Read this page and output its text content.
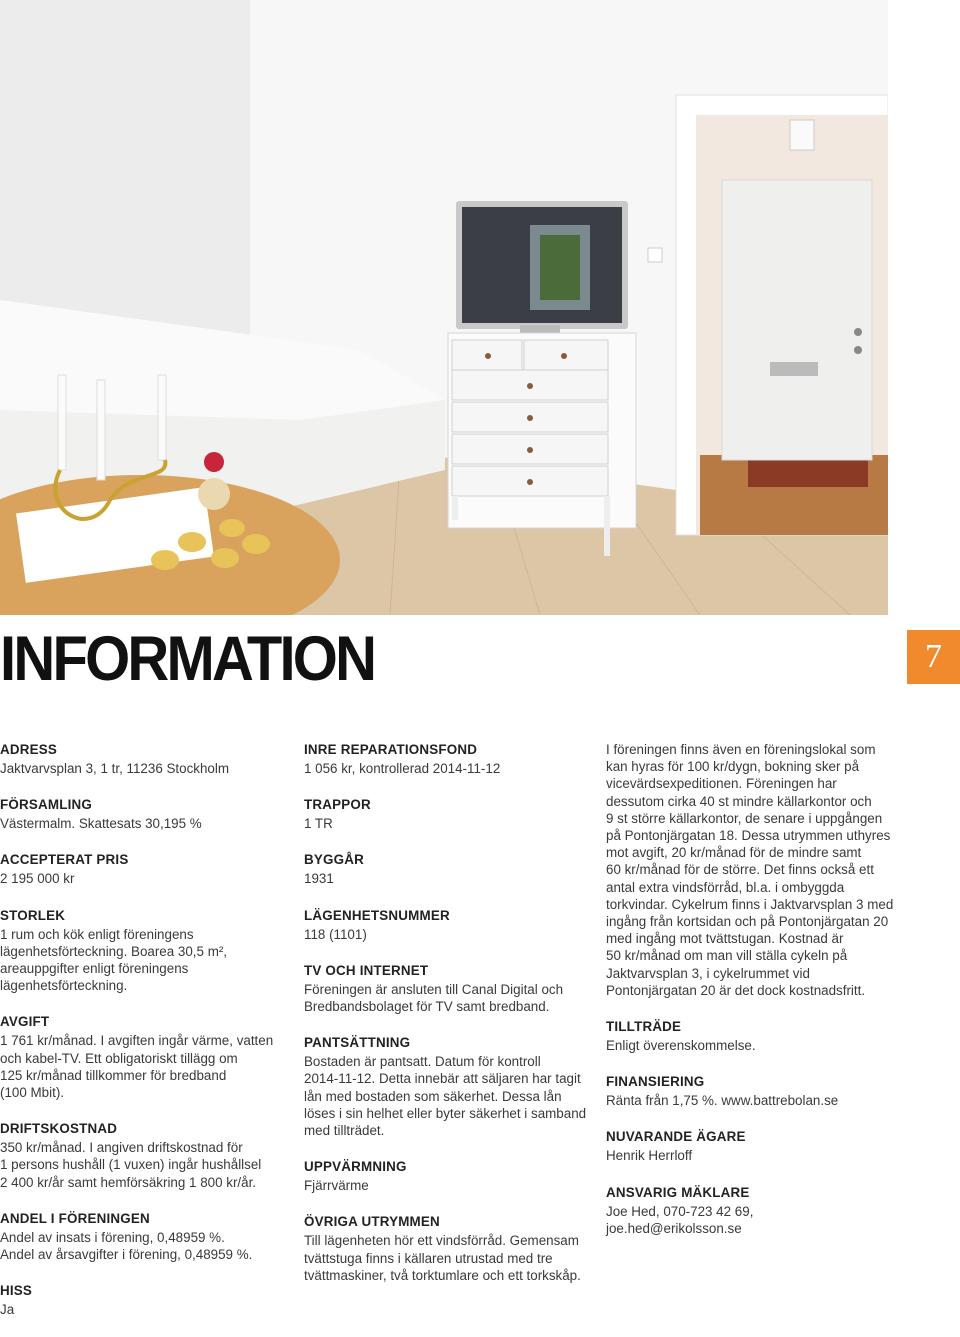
INFORMATION	7
ADRESS

Jaktvarvsplan 3, 1 tr, 11236 Stockholm

FÖRSAMLING

Västermalm. Skattesats 30,195 %

ACCEPTERAT PRIS

2 195 000 kr

STORLEK

1 rum och kök enligt föreningens
lägenhetsförteckning. Boarea 30,5 m²,
areauppgifter enligt föreningens
lägenhetsförteckning.

AVGIFT

1 761 kr/månad. I avgiften ingår värme, vatten
och kabel-TV. Ett obligatoriskt tillägg om
125 kr/månad tillkommer för bredband
(100 Mbit).

DRIFTSKOSTNAD

350 kr/månad. I angiven driftskostnad för
1 persons hushåll (1 vuxen) ingår hushållsel
2 400 kr/år samt hemförsäkring 1 800 kr/år.

ANDEL I FÖRENINGEN

Andel av insats i förening, 0,48959 %.
Andel av årsavgifter i förening, 0,48959 %.

HISS

Ja

INRE REPARATIONSFOND

1 056 kr, kontrollerad 2014-11-12

TRAPPOR

1 TR

BYGGÅR

1931

LÄGENHETSNUMMER

118 (1101)

TV OCH INTERNET

Föreningen är ansluten till Canal Digital och
Bredbandsbolaget för TV samt bredband.

PANTSÄTTNING

Bostaden är pantsatt. Datum för kontroll
2014-11-12. Detta innebär att säljaren har tagit
lån med bostaden som säkerhet. Dessa lån
löses i sin helhet eller byter säkerhet i samband
med tillträdet.

UPPVÄRMNING

Fjärrvärme

ÖVRIGA UTRYMMEN

Till lägenheten hör ett vindsförråd. Gemensam
tvättstuga finns i källaren utrustad med tre
tvättmaskiner, två torktumlare och ett torkskåp.

I föreningen finns även en föreningslokal som
kan hyras för 100 kr/dygn, bokning sker på
vicevärdsexpeditionen. Föreningen har
dessutom cirka 40 st mindre källarkontor och
9 st större källarkontor, de senare i uppgången
på Pontonjärgatan 18. Dessa utrymmen uthyres
mot avgift, 20 kr/månad för de mindre samt
60 kr/månad för de större. Det finns också ett
antal extra vindsförråd, bl.a. i ombyggda
torkvindar. Cykelrum finns i Jaktvarvsplan 3 med
ingång från kortsidan och på Pontonjärgatan 20
med ingång mot tvättstugan. Kostnad är
50 kr/månad om man vill ställa cykeln på
Jaktvarvsplan 3, i cykelrummet vid
Pontonjärgatan 20 är det dock kostnadsfritt.

TILLTRÄDE

Enligt överenskommelse.

FINANSIERING

Ränta från 1,75 %. www.battrebolan.se

NUVARANDE ÄGARE

Henrik Herrloff

ANSVARIG MÄKLARE

Joe Hed, 070-723 42 69,
joe.hed@erikolsson.se
